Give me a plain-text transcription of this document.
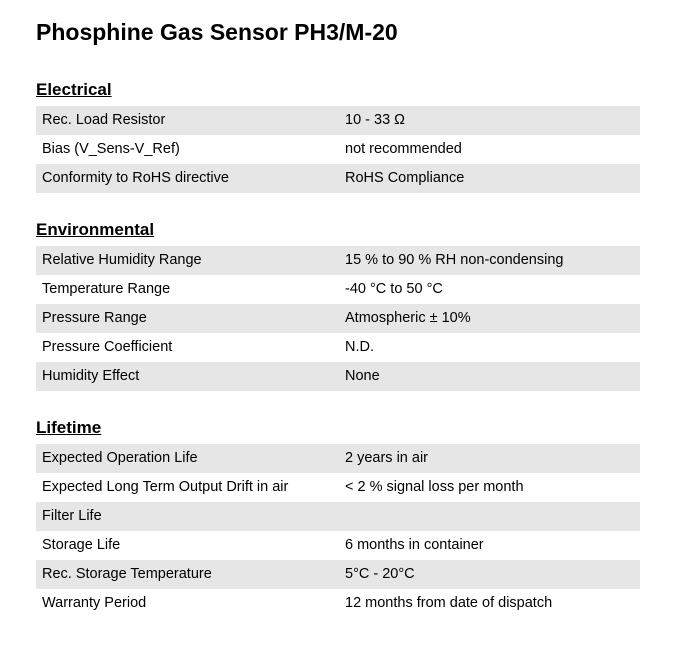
Phosphine Gas Sensor PH3/M-20
Electrical
Rec. Load Resistor	10 - 33 Ω
Bias (V_Sens-V_Ref)	not recommended
Conformity to RoHS directive	RoHS Compliance
Environmental
Relative Humidity Range	15 % to 90 % RH non-condensing
Temperature Range	-40 °C to 50 °C
Pressure Range	Atmospheric ± 10%
Pressure Coefficient	N.D.
Humidity Effect	None
Lifetime
Expected Operation Life	2 years in air
Expected Long Term Output Drift in air	< 2 % signal loss per month
Filter Life
Storage Life	6 months in container
Rec. Storage Temperature	5°C - 20°C
Warranty Period	12 months from date of dispatch
